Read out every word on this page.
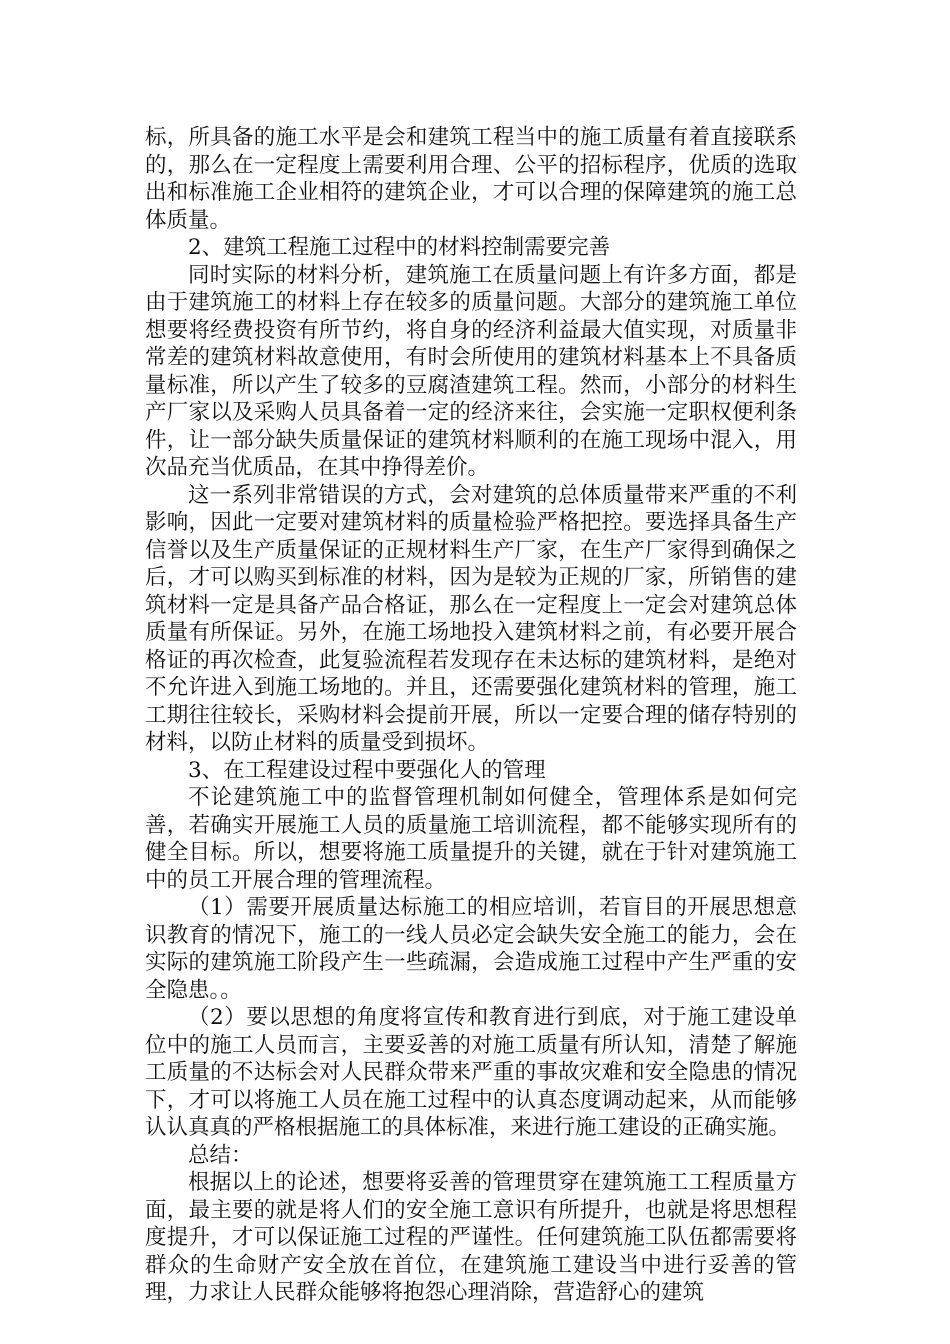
标，所具备的施工水平是会和建筑工程当中的施工质量有着直接联系的，那么在一定程度上需要利用合理、公平的招标程序，优质的选取出和标准施工企业相符的建筑企业，才可以合理的保障建筑的施工总体质量。

2、建筑工程施工过程中的材料控制需要完善

同时实际的材料分析，建筑施工在质量问题上有许多方面，都是由于建筑施工的材料上存在较多的质量问题。大部分的建筑施工单位想要将经费投资有所节约，将自身的经济利益最大值实现，对质量非常差的建筑材料故意使用，有时会所使用的建筑材料基本上不具备质量标准，所以产生了较多的豆腐渣建筑工程。然而，小部分的材料生产厂家以及采购人员具备着一定的经济来往，会实施一定职权便利条件，让一部分缺失质量保证的建筑材料顺利的在施工现场中混入，用次品充当优质品，在其中挣得差价。

这一系列非常错误的方式，会对建筑的总体质量带来严重的不利影响，因此一定要对建筑材料的质量检验严格把控。要选择具备生产信誉以及生产质量保证的正规材料生产厂家，在生产厂家得到确保之后，才可以购买到标准的材料，因为是较为正规的厂家，所销售的建筑材料一定是具备产品合格证，那么在一定程度上一定会对建筑总体质量有所保证。另外，在施工场地投入建筑材料之前，有必要开展合格证的再次检查，此复验流程若发现存在未达标的建筑材料，是绝对不允许进入到施工场地的。并且，还需要强化建筑材料的管理，施工工期往往较长，采购材料会提前开展，所以一定要合理的储存特别的材料，以防止材料的质量受到损坏。

3、在工程建设过程中要强化人的管理

不论建筑施工中的监督管理机制如何健全，管理体系是如何完善，若确实开展施工人员的质量施工培训流程，都不能够实现所有的健全目标。所以，想要将施工质量提升的关键，就在于针对建筑施工中的员工开展合理的管理流程。

（1）需要开展质量达标施工的相应培训，若盲目的开展思想意识教育的情况下，施工的一线人员必定会缺失安全施工的能力，会在实际的建筑施工阶段产生一些疏漏，会造成施工过程中产生严重的安全隐患。。

（2）要以思想的角度将宣传和教育进行到底，对于施工建设单位中的施工人员而言，主要妥善的对施工质量有所认知，清楚了解施工质量的不达标会对人民群众带来严重的事故灾难和安全隐患的情况下，才可以将施工人员在施工过程中的认真态度调动起来，从而能够认认真真的严格根据施工的具体标准，来进行施工建设的正确实施。

总结：

根据以上的论述，想要将妥善的管理贯穿在建筑施工工程质量方面，最主要的就是将人们的安全施工意识有所提升，也就是将思想程度提升，才可以保证施工过程的严谨性。任何建筑施工队伍都需要将群众的生命财产安全放在首位，在建筑施工建设当中进行妥善的管理，力求让人民群众能够将抱怨心理消除，营造舒心的建筑
